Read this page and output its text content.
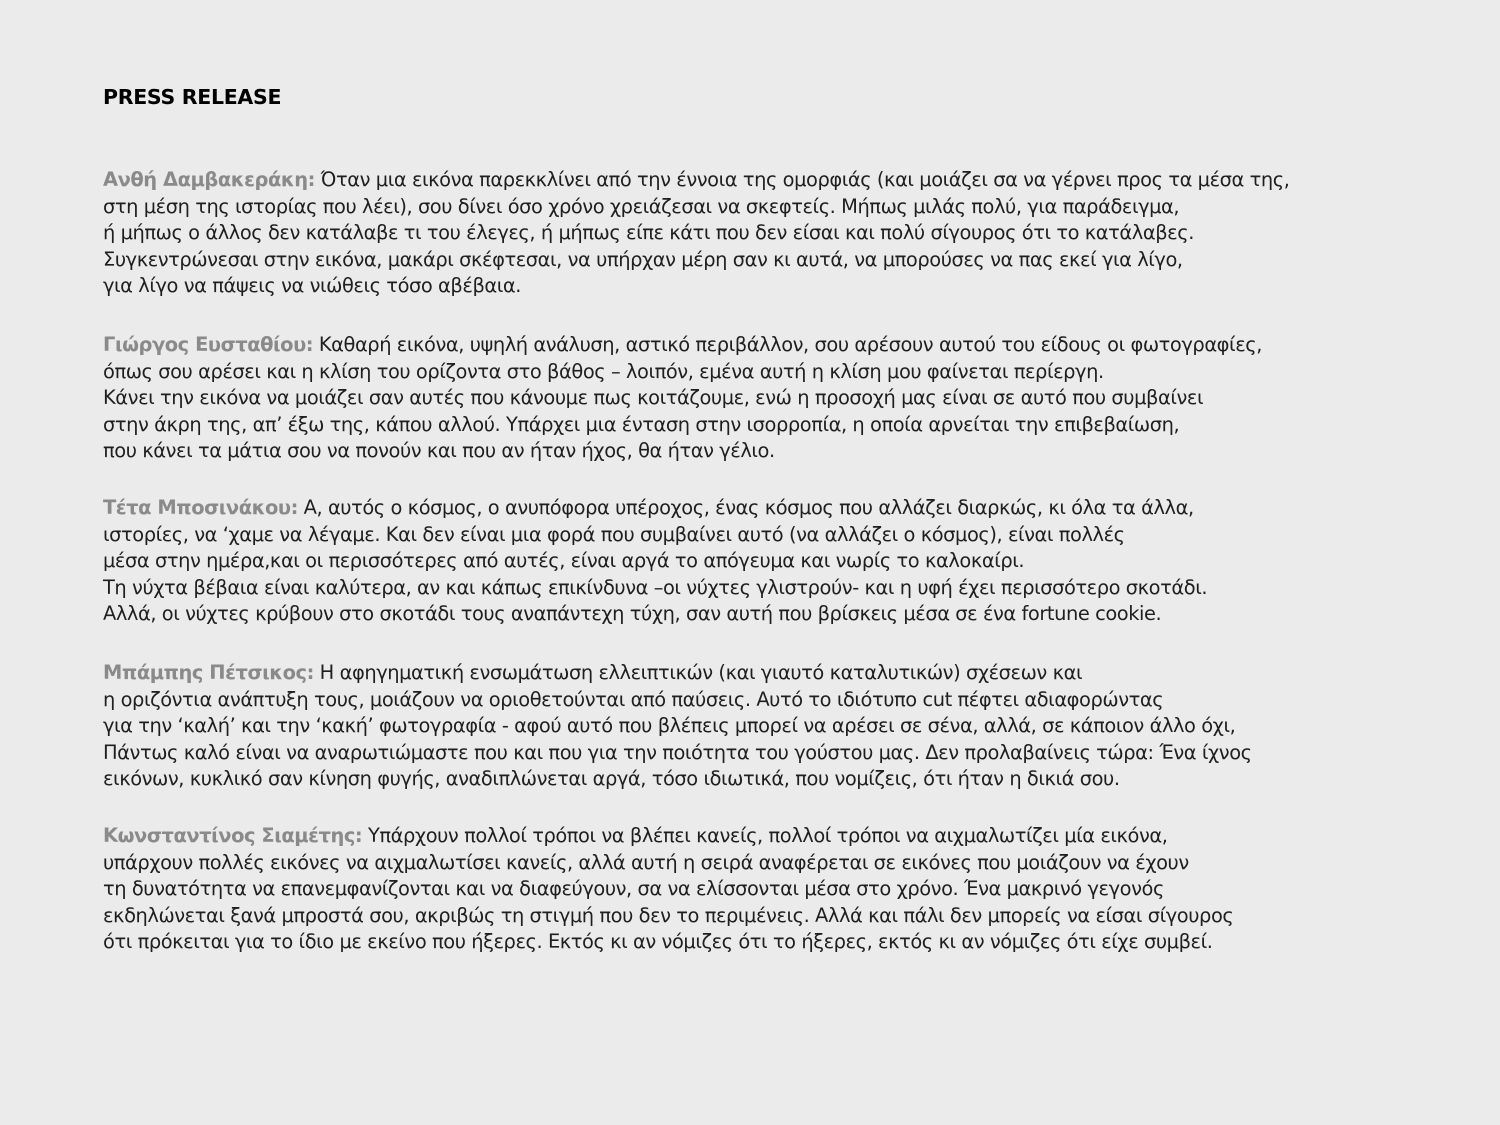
PRESS RELEASE
Ανθή Δαμβακεράκη: Όταν μια εικόνα παρεκκλίνει από την έννοια της ομορφιάς (και μοιάζει σα να γέρνει προς τα μέσα της,
στη μέση της ιστορίας που λέει), σου δίνει όσο χρόνο χρειάζεσαι να σκεφτείς. Μήπως μιλάς πολύ, για παράδειγμα,
ή μήπως ο άλλος δεν κατάλαβε τι του έλεγες, ή μήπως είπε κάτι που δεν είσαι και πολύ σίγουρος ότι το κατάλαβες.
Συγκεντρώνεσαι στην εικόνα, μακάρι σκέφτεσαι, να υπήρχαν μέρη σαν κι αυτά, να μπορούσες να πας εκεί για λίγο,
για λίγο να πάψεις να νιώθεις τόσο αβέβαια.
Γιώργος Ευσταθίου: Καθαρή εικόνα, υψηλή ανάλυση, αστικό περιβάλλον, σου αρέσουν αυτού του είδους οι φωτογραφίες,
όπως σου αρέσει και η κλίση του ορίζοντα στο βάθος – λοιπόν, εμένα αυτή η κλίση μου φαίνεται περίεργη.
Κάνει την εικόνα να μοιάζει σαν αυτές που κάνουμε πως κοιτάζουμε, ενώ η προσοχή μας είναι σε αυτό που συμβαίνει
στην άκρη της, απ’ έξω της, κάπου αλλού. Υπάρχει μια ένταση στην ισορροπία, η οποία αρνείται την επιβεβαίωση,
που κάνει τα μάτια σου να πονούν και που αν ήταν ήχος, θα ήταν γέλιο.
Τέτα Μποσινάκου: Α, αυτός ο κόσμος, ο ανυπόφορα υπέροχος, ένας κόσμος που αλλάζει διαρκώς, κι όλα τα άλλα,
ιστορίες, να ‘χαμε να λέγαμε. Και δεν είναι μια φορά που συμβαίνει αυτό (να αλλάζει ο κόσμος), είναι πολλές
μέσα στην ημέρα,και οι περισσότερες από αυτές, είναι αργά το απόγευμα και νωρίς το καλοκαίρι.
Τη νύχτα βέβαια είναι καλύτερα, αν και κάπως επικίνδυνα –οι νύχτες γλιστρούν- και η υφή έχει περισσότερο σκοτάδι.
Αλλά, οι νύχτες κρύβουν στο σκοτάδι τους αναπάντεχη τύχη, σαν αυτή που βρίσκεις μέσα σε ένα fortune cookie.
Μπάμπης Πέτσικος: Η αφηγηματική ενσωμάτωση ελλειπτικών (και γιαυτό καταλυτικών) σχέσεων και
η οριζόντια ανάπτυξη τους, μοιάζουν να οριοθετούνται από παύσεις. Αυτό το ιδιότυπο cut πέφτει αδιαφορώντας
για την ‘καλή’ και την ‘κακή’ φωτογραφία - αφού αυτό που βλέπεις μπορεί να αρέσει σε σένα, αλλά, σε κάποιον άλλο όχι,
Πάντως καλό είναι να αναρωτιώμαστε που και που για την ποιότητα του γούστου μας. Δεν προλαβαίνεις τώρα: Ένα ίχνος
εικόνων, κυκλικό σαν κίνηση φυγής, αναδιπλώνεται αργά, τόσο ιδιωτικά, που νομίζεις, ότι ήταν η δικιά σου.
Κωνσταντίνος Σιαμέτης: Υπάρχουν πολλοί τρόποι να βλέπει κανείς, πολλοί τρόποι να αιχμαλωτίζει μία εικόνα,
υπάρχουν πολλές εικόνες να αιχμαλωτίσει κανείς, αλλά αυτή η σειρά αναφέρεται σε εικόνες που μοιάζουν να έχουν
τη δυνατότητα να επανεμφανίζονται και να διαφεύγουν, σα να ελίσσονται μέσα στο χρόνο. Ένα μακρινό γεγονός
εκδηλώνεται ξανά μπροστά σου, ακριβώς τη στιγμή που δεν το περιμένεις. Αλλά και πάλι δεν μπορείς να είσαι σίγουρος
ότι πρόκειται για το ίδιο με εκείνο που ήξερες. Εκτός κι αν νόμιζες ότι το ήξερες, εκτός κι αν νόμιζες ότι είχε συμβεί.
